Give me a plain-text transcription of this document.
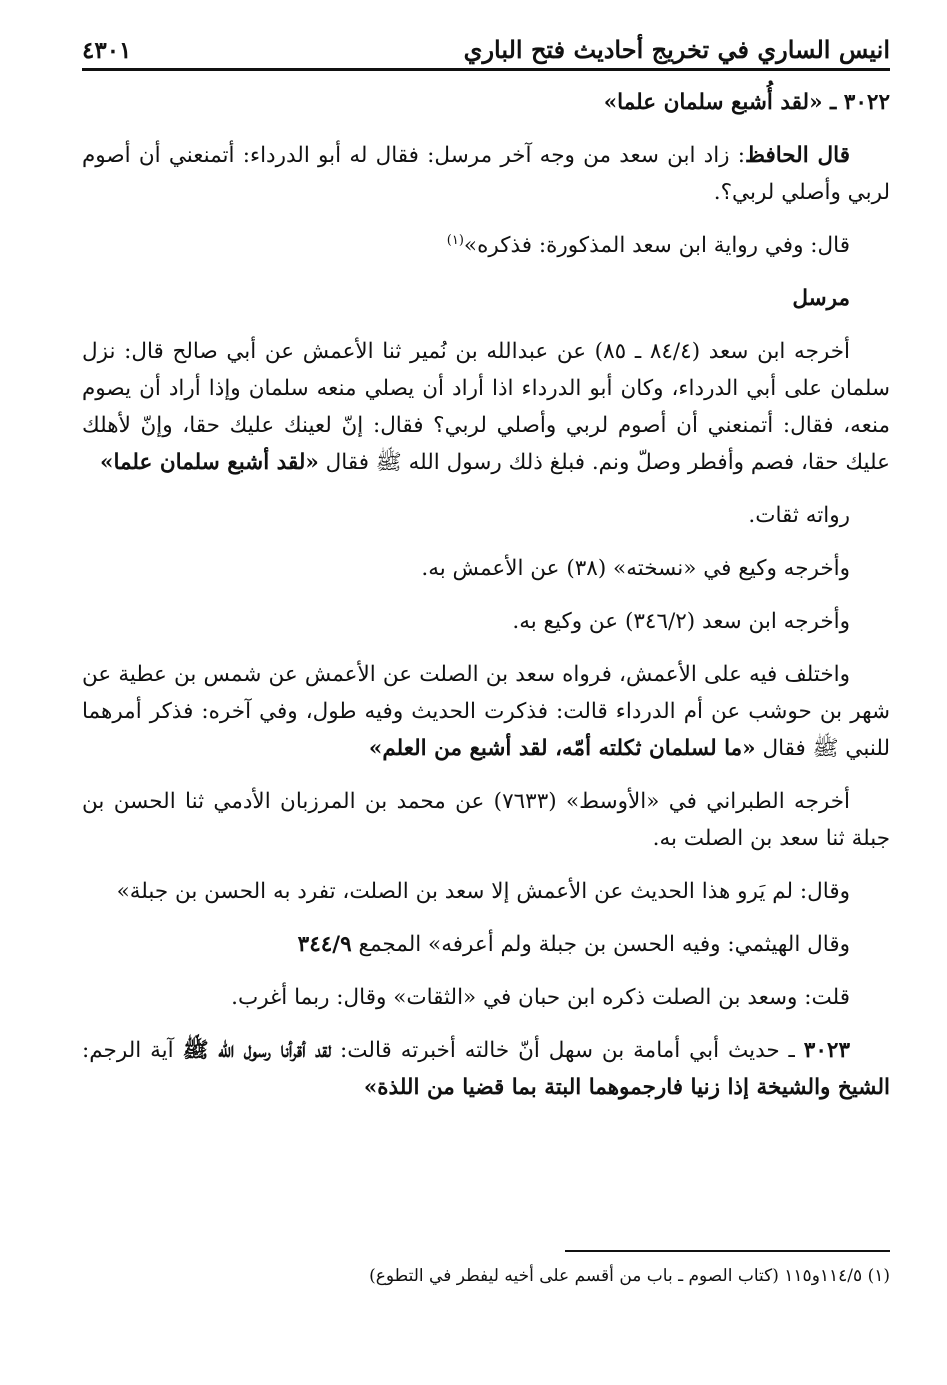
انيس الساري في تخريج أحاديث فتح الباري
٤٣٠١

٣٠٢٢ ـ «لقد أُشبع سلمان علما»

قال الحافظ: زاد ابن سعد من وجه آخر مرسل: فقال له أبو الدرداء: أتمنعني أن أصوم لربي وأصلي لربي؟.

قال: وفي رواية ابن سعد المذكورة: فذكره»$^{(١)}$

مرسل

أخرجه ابن سعد (٨٤/٤ ـ ٨٥) عن عبدالله بن نُمير ثنا الأعمش عن أبي صالح قال: نزل سلمان على أبي الدرداء، وكان أبو الدرداء اذا أراد أن يصلي منعه سلمان وإذا أراد أن يصوم منعه، فقال: أتمنعني أن أصوم لربي وأصلي لربي؟ فقال: إنّ لعينك عليك حقا، وإنّ لأهلك عليك حقا، فصم وأفطر وصلّ ونم. فبلغ ذلك رسول الله ﷺ فقال «لقد أشبع سلمان علما»

رواته ثقات.

وأخرجه وكيع في «نسخته» (٣٨) عن الأعمش به.

وأخرجه ابن سعد (٣٤٦/٢) عن وكيع به.

واختلف فيه على الأعمش، فرواه سعد بن الصلت عن الأعمش عن شمس بن عطية عن شهر بن حوشب عن أم الدرداء قالت: فذكرت الحديث وفيه طول، وفي آخره: فذكر أمرهما للنبي ﷺ فقال «ما لسلمان ثكلته أمّه، لقد أشبع من العلم»

أخرجه الطبراني في «الأوسط» (٧٦٣٣) عن محمد بن المرزبان الأدمي ثنا الحسن بن جبلة ثنا سعد بن الصلت به.

وقال: لم يَرو هذا الحديث عن الأعمش إلا سعد بن الصلت، تفرد به الحسن بن جبلة»

وقال الهيثمي: وفيه الحسن بن جبلة ولم أعرفه» المجمع ٣٤٤/٩

قلت: وسعد بن الصلت ذكره ابن حبان في «الثقات» وقال: ربما أغرب.

٣٠٢٣ ـ حديث أبي أمامة بن سهل أنّ خالته أخبرته قالت: لقد أقرأنا رسول الله ﷺ آية الرجم: الشيخ والشيخة إذا زنيا فارجموهما البتة بما قضيا من اللذة»

(١) ١١٤/٥و١١٥ (كتاب الصوم ـ باب من أقسم على أخيه ليفطر في التطوع)
